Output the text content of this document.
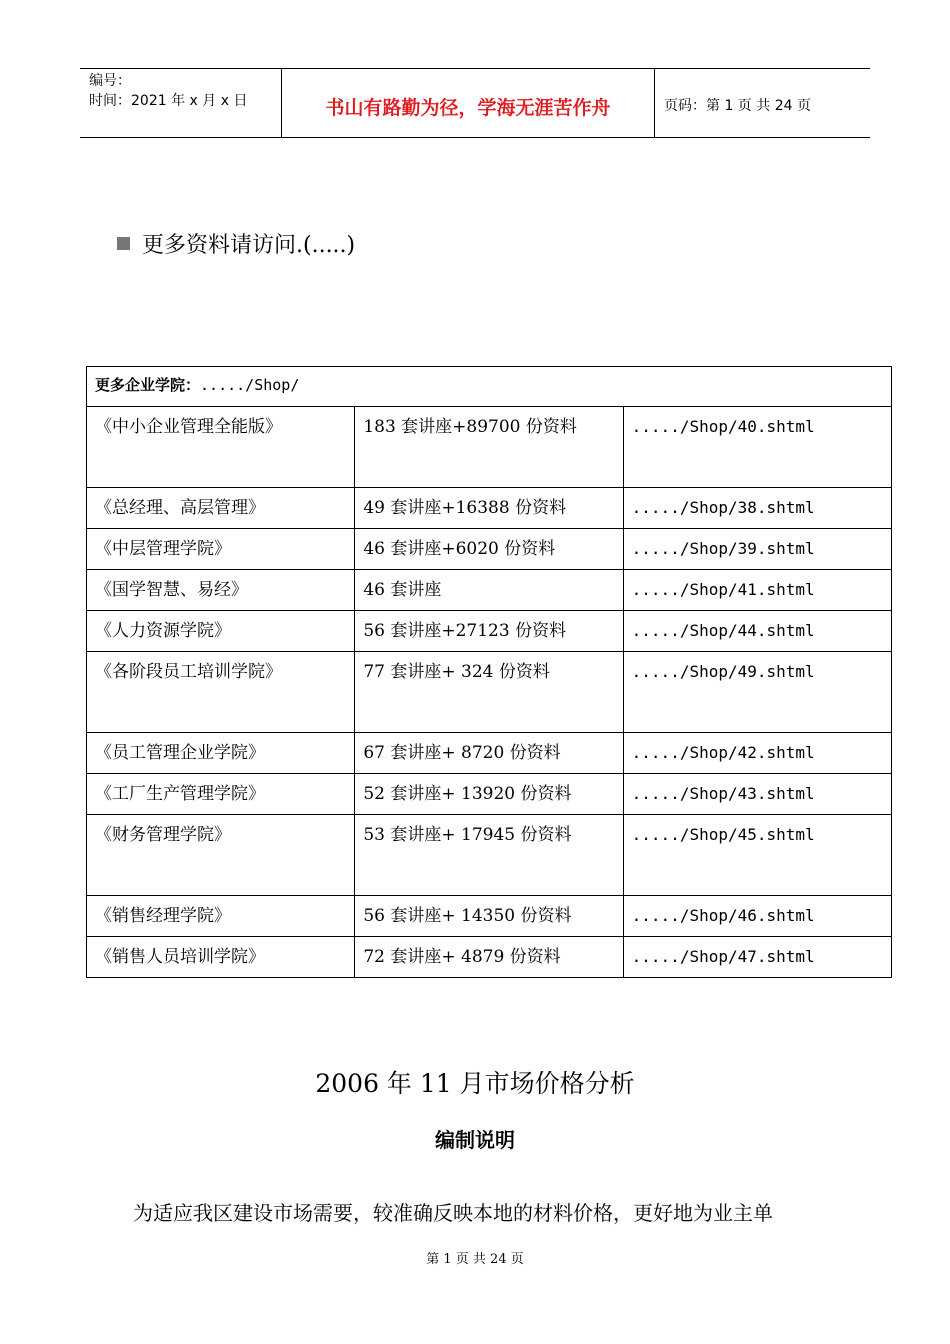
编号：
时间：2021 年 x 月 x 日	书山有路勤为径，学海无涯苦作舟	页码：第 1 页 共 24 页
更多资料请访问.(.....)
更多企业学院：...../Shop/		
《中小企业管理全能版》	183 套讲座+89700 份资料	...../Shop/40.shtml
《总经理、高层管理》	49 套讲座+16388 份资料	...../Shop/38.shtml
《中层管理学院》	46 套讲座+6020 份资料	...../Shop/39.shtml
《国学智慧、易经》	46 套讲座	...../Shop/41.shtml
《人力资源学院》	56 套讲座+27123 份资料	...../Shop/44.shtml
《各阶段员工培训学院》	77 套讲座+ 324 份资料	...../Shop/49.shtml
《员工管理企业学院》	67 套讲座+ 8720 份资料	...../Shop/42.shtml
《工厂生产管理学院》	52 套讲座+ 13920 份资料	...../Shop/43.shtml
《财务管理学院》	53 套讲座+ 17945 份资料	...../Shop/45.shtml
《销售经理学院》	56 套讲座+ 14350 份资料	...../Shop/46.shtml
《销售人员培训学院》	72 套讲座+ 4879 份资料	...../Shop/47.shtml
2006 年 11 月市场价格分析
编制说明
为适应我区建设市场需要，较准确反映本地的材料价格，更好地为业主单
第 1 页 共 24 页
